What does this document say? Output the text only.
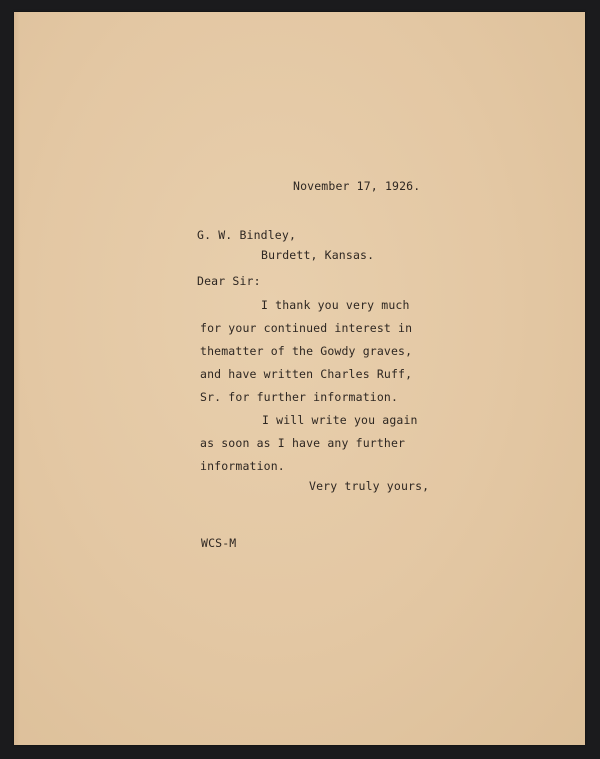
November 17, 1926.
G. W. Bindley,
Burdett, Kansas.
Dear Sir:
I thank you very much
for your continued interest in
thematter of the Gowdy graves,
and have written Charles Ruff,
Sr. for further information.
I will write you again
as soon as I have any further
information.
Very truly yours,
WCS-M
